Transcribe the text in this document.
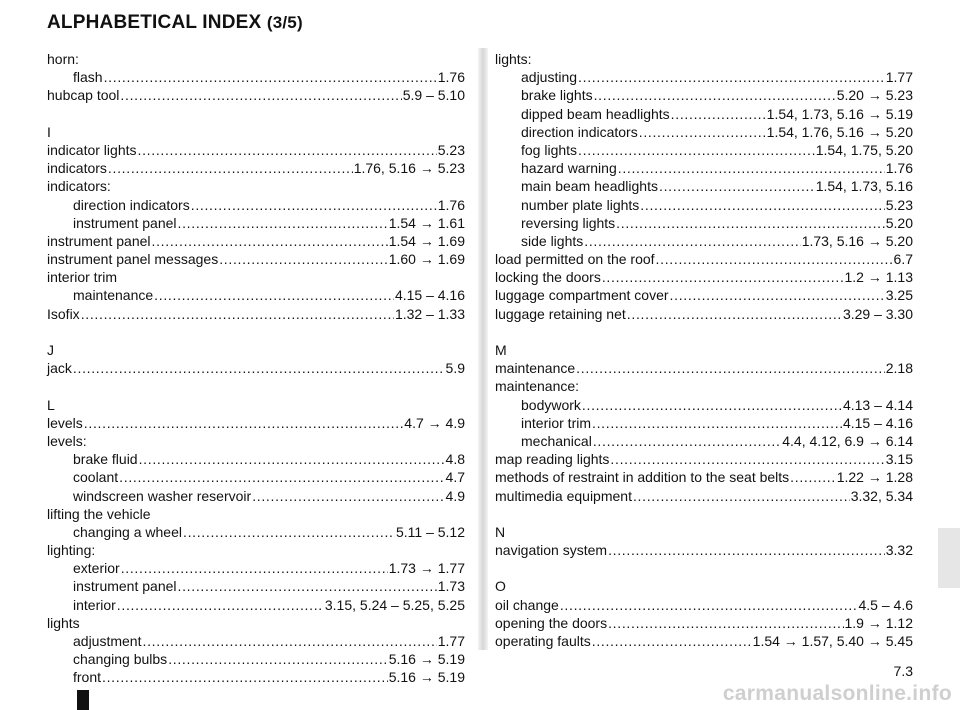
ALPHABETICAL INDEX (3/5)
horn:
flash . . .	1.76
hubcap tool . . .	5.9 – 5.10
I
indicator lights . . .	5.23
indicators . . .	1.76, 5.16 → 5.23
indicators:
direction indicators . . .	1.76
instrument panel . . .	1.54 → 1.61
instrument panel . . .	1.54 → 1.69
instrument panel messages . . .	1.60 → 1.69
interior trim
maintenance . . .	4.15 – 4.16
Isofix . . .	1.32 – 1.33
J
jack . . .	5.9
L
levels . . .	4.7 → 4.9
levels:
brake fluid . . .	4.8
coolant . . .	4.7
windscreen washer reservoir . . .	4.9
lifting the vehicle
changing a wheel . . .	5.11 – 5.12
lighting:
exterior . . .	1.73 → 1.77
instrument panel . . .	1.73
interior . . .	3.15, 5.24 – 5.25, 5.25
lights
adjustment . . .	1.77
changing bulbs . . .	5.16 → 5.19
front . . .	5.16 → 5.19
lights:
adjusting . . .	1.77
brake lights . . .	5.20 → 5.23
dipped beam headlights . . .	1.54, 1.73, 5.16 → 5.19
direction indicators . . .	1.54, 1.76, 5.16 → 5.20
fog lights . . .	1.54, 1.75, 5.20
hazard warning . . .	1.76
main beam headlights . . .	1.54, 1.73, 5.16
number plate lights . . .	5.23
reversing lights . . .	5.20
side lights . . .	1.73, 5.16 → 5.20
load permitted on the roof . . .	6.7
locking the doors . . .	1.2 → 1.13
luggage compartment cover . . .	3.25
luggage retaining net . . .	3.29 – 3.30
M
maintenance . . .	2.18
maintenance:
bodywork . . .	4.13 – 4.14
interior trim . . .	4.15 – 4.16
mechanical . . .	4.4, 4.12, 6.9 → 6.14
map reading lights . . .	3.15
methods of restraint in addition to the seat belts . . .	1.22 → 1.28
multimedia equipment . . .	3.32, 5.34
N
navigation system . . .	3.32
O
oil change . . .	4.5 – 4.6
opening the doors . . .	1.9 → 1.12
operating faults . . .	1.54 → 1.57, 5.40 → 5.45
7.3
carmanualsonline.info
